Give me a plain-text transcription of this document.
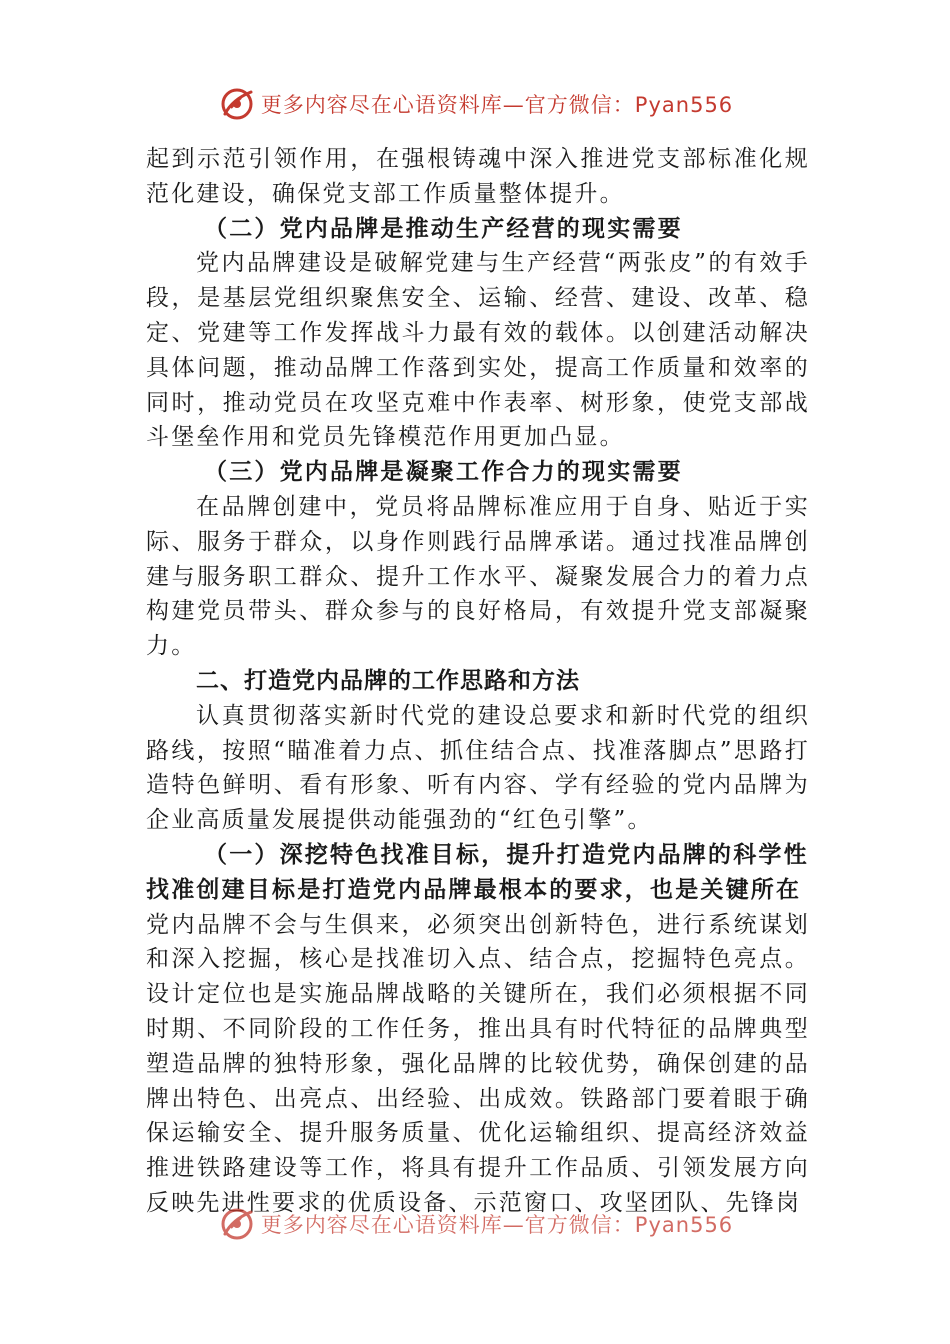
更多内容尽在心语资料库—官方微信：Pyan556

起到示范引领作用，在强根铸魂中深入推进党支部标准化规范化建设，确保党支部工作质量整体提升。

（二）党内品牌是推动生产经营的现实需要

党内品牌建设是破解党建与生产经营“两张皮”的有效手段，是基层党组织聚焦安全、运输、经营、建设、改革、稳定、党建等工作发挥战斗力最有效的载体。以创建活动解决具体问题，推动品牌工作落到实处，提高工作质量和效率的同时，推动党员在攻坚克难中作表率、树形象，使党支部战斗堡垒作用和党员先锋模范作用更加凸显。

（三）党内品牌是凝聚工作合力的现实需要

在品牌创建中，党员将品牌标准应用于自身、贴近于实际、服务于群众，以身作则践行品牌承诺。通过找准品牌创建与服务职工群众、提升工作水平、凝聚发展合力的着力点构建党员带头、群众参与的良好格局，有效提升党支部凝聚力。

二、打造党内品牌的工作思路和方法

认真贯彻落实新时代党的建设总要求和新时代党的组织路线，按照“瞄准着力点、抓住结合点、找准落脚点”思路打造特色鲜明、看有形象、听有内容、学有经验的党内品牌为企业高质量发展提供动能强劲的“红色引擎”。

（一）深挖特色找准目标，提升打造党内品牌的科学性

找准创建目标是打造党内品牌最根本的要求，也是关键所在

党内品牌不会与生俱来，必须突出创新特色，进行系统谋划和深入挖掘，核心是找准切入点、结合点，挖掘特色亮点。设计定位也是实施品牌战略的关键所在，我们必须根据不同时期、不同阶段的工作任务，推出具有时代特征的品牌典型塑造品牌的独特形象，强化品牌的比较优势，确保创建的品牌出特色、出亮点、出经验、出成效。铁路部门要着眼于确保运输安全、提升服务质量、优化运输组织、提高经济效益推进铁路建设等工作，将具有提升工作品质、引领发展方向反映先进性要求的优质设备、示范窗口、攻坚团队、先锋岗

更多内容尽在心语资料库—官方微信：Pyan556
